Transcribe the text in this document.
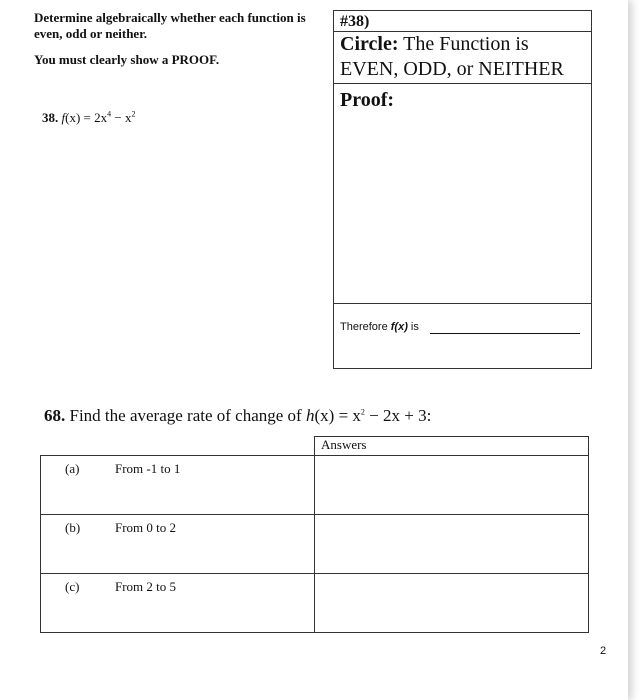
Determine algebraically whether each function is even, odd or neither.
You must clearly show a PROOF.
38. $f(x) = 2x^4 - x^2$
#38)
Circle: The Function is
EVEN, ODD, or NEITHER
Proof:
Therefore f(x) is
68. Find the average rate of change of $h(x) = x^2 - 2x + 3$:
	Answers

(a) From -1 to 1	

(b) From 0 to 2	

(c) From 2 to 5	

2
